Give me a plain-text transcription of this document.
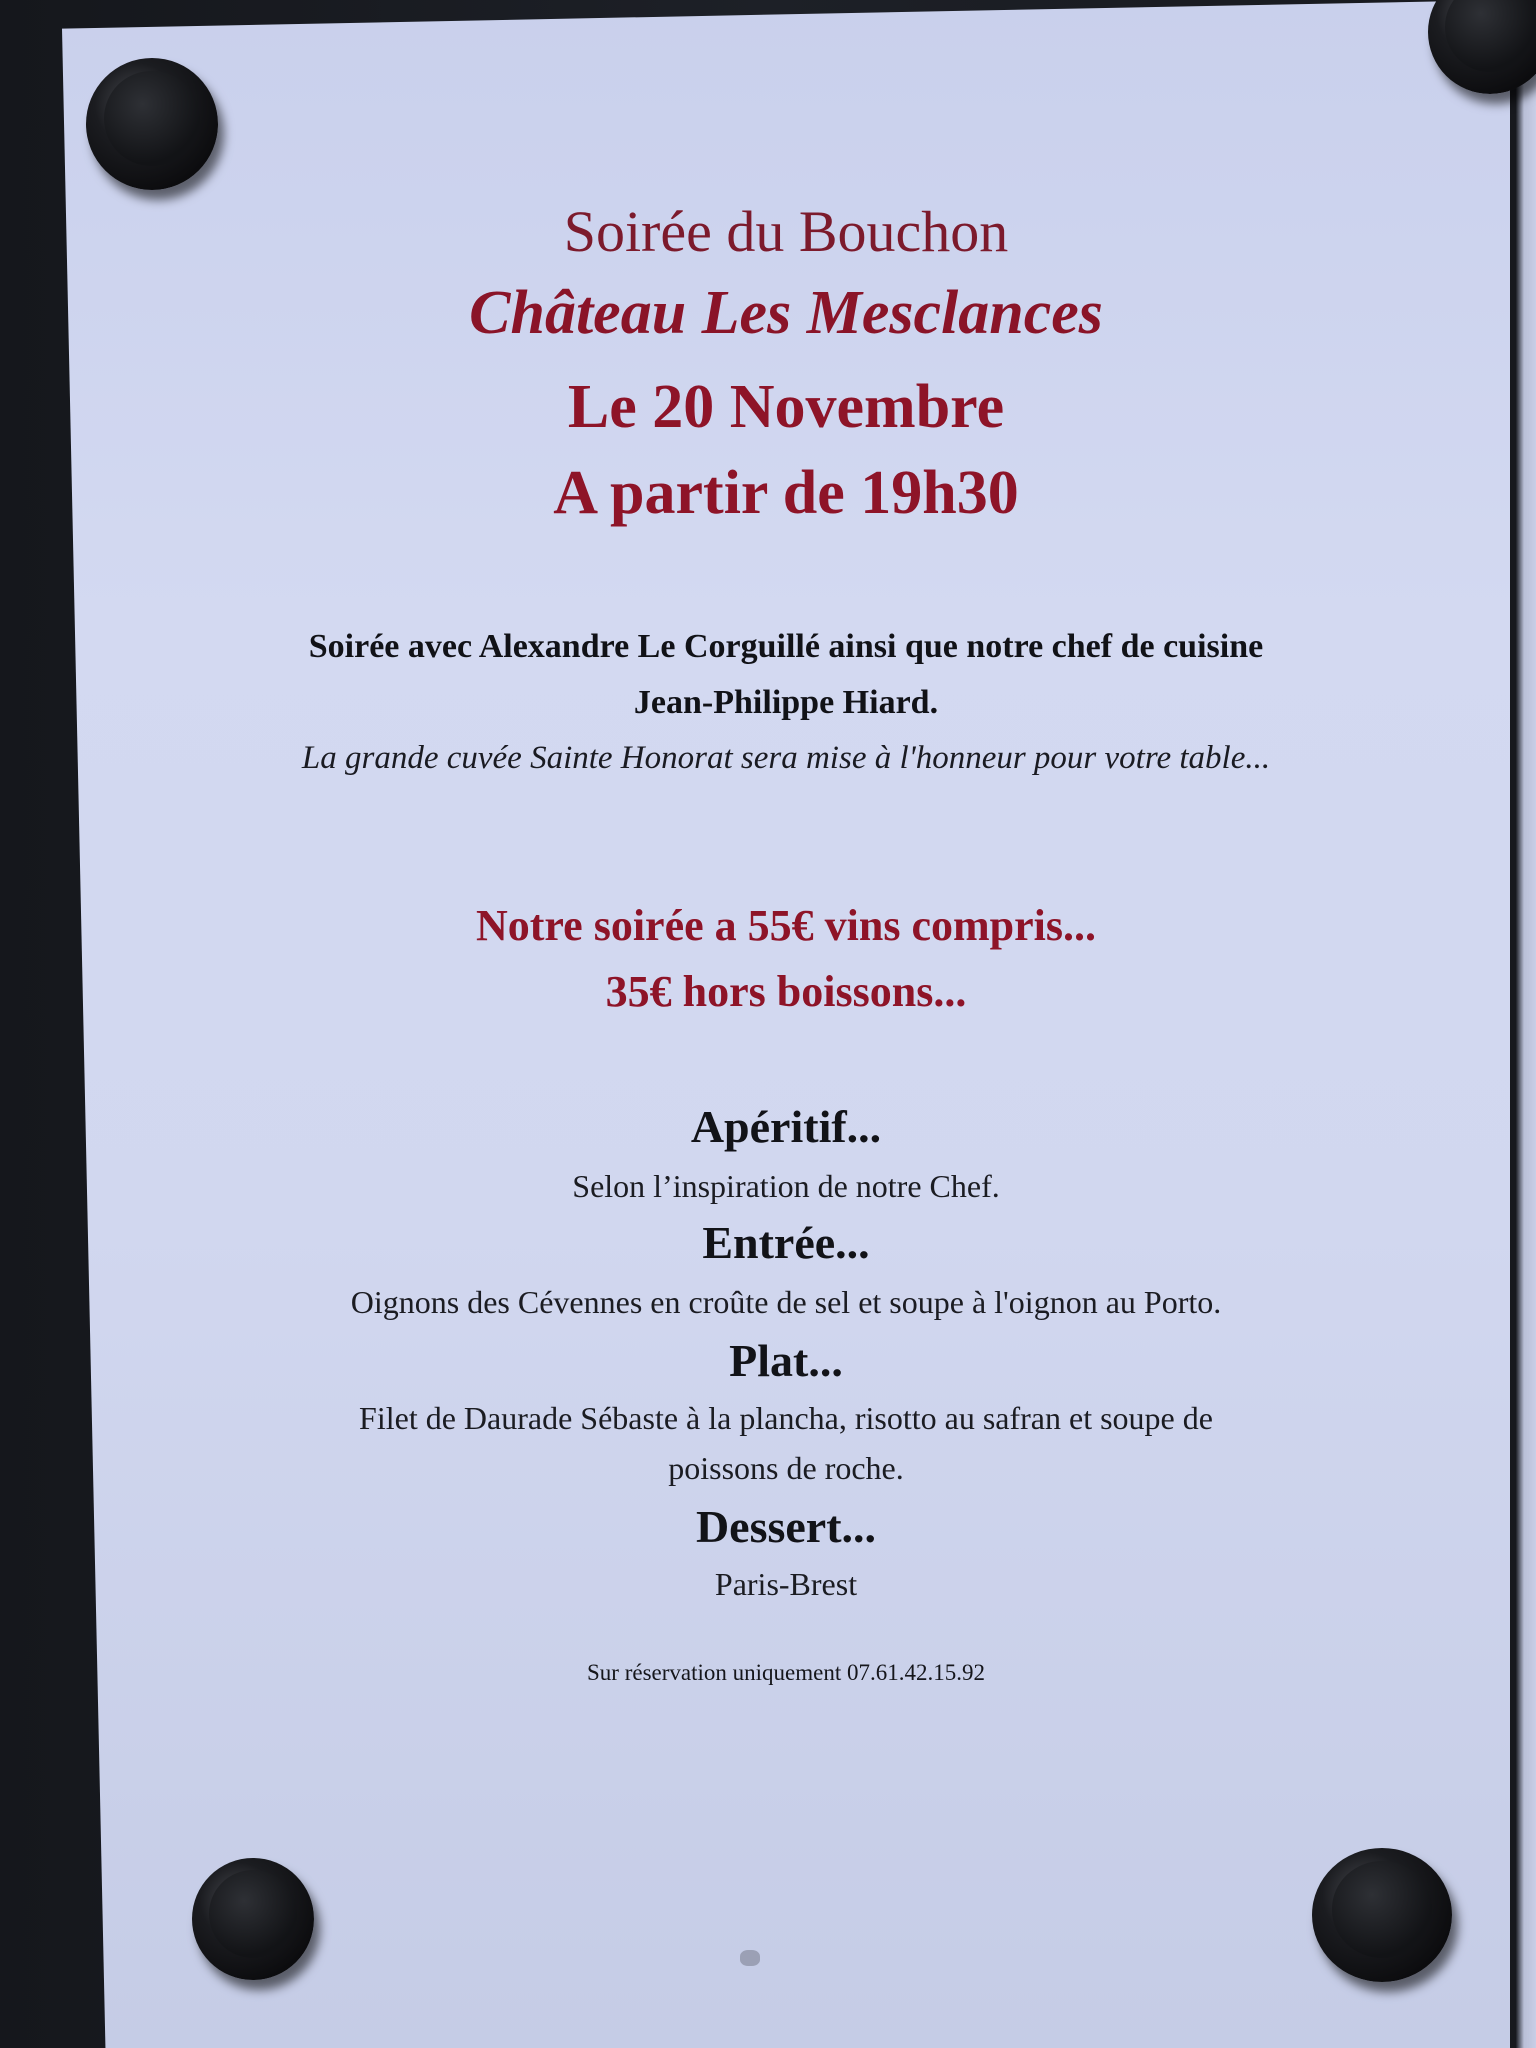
Soirée du Bouchon

Château Les Mesclances

Le 20 Novembre

A partir de 19h30

Soirée avec Alexandre Le Corguillé ainsi que notre chef de cuisine

Jean-Philippe Hiard.

La grande cuvée Sainte Honorat sera mise à l'honneur pour votre table...

Notre soirée a 55€ vins compris...

35€ hors boissons...

Apéritif...

Selon l’inspiration de notre Chef.

Entrée...

Oignons des Cévennes en croûte de sel et soupe à l'oignon au Porto.

Plat...

Filet de Daurade Sébaste à la plancha, risotto au safran et soupe de

poissons de roche.

Dessert...

Paris-Brest

Sur réservation uniquement 07.61.42.15.92
